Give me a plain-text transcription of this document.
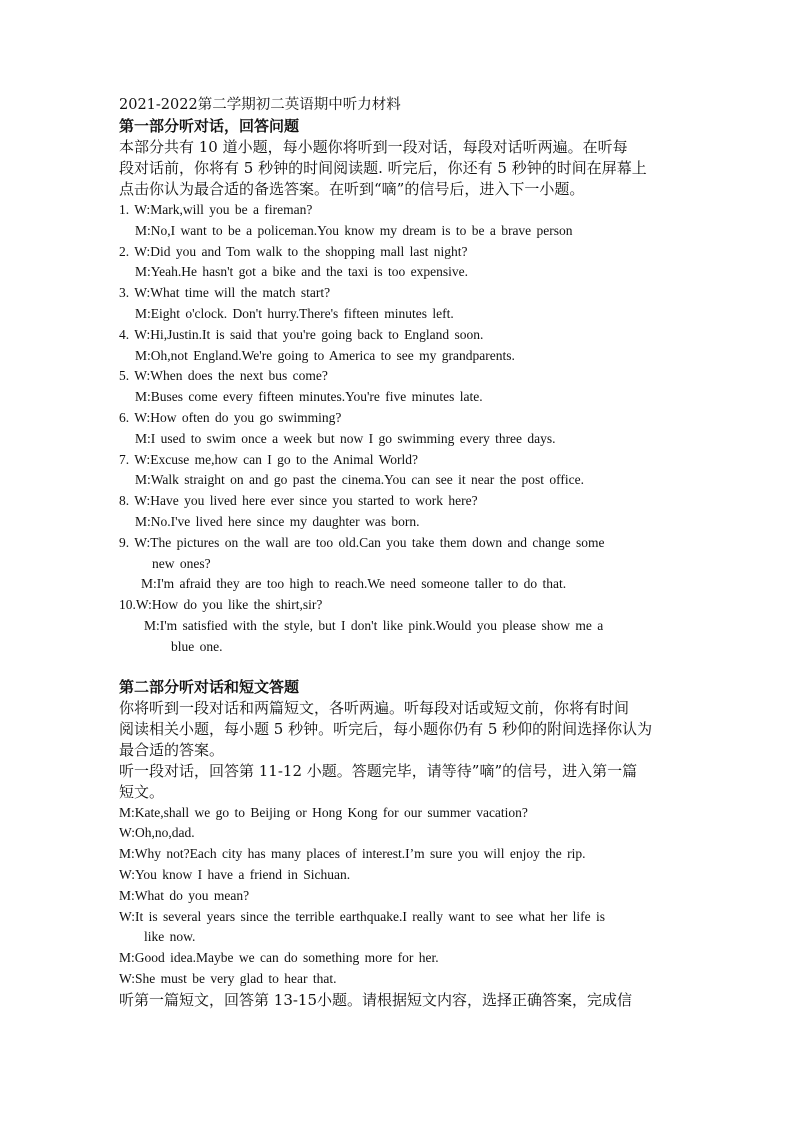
2021-2022第二学期初二英语期中听力材料
第一部分听对话，回答问题
本部分共有 10 道小题，每小题你将听到一段对话，每段对话听两遍。在听每
段对话前，你将有 5 秒钟的时间阅读题. 听完后，你还有 5 秒钟的时间在屏幕上
点击你认为最合适的备选答案。在听到“嘀”的信号后，进入下一小题。
1. W:Mark,will you be a fireman?
M:No,I want to be a policeman.You know my dream is to be a brave person
2. W:Did you and Tom walk to the shopping mall last night?
M:Yeah.He hasn't got a bike and the taxi is too expensive.
3. W:What time will the match start?
M:Eight o'clock. Don't hurry.There's fifteen minutes left.
4. W:Hi,Justin.It is said that you're going back to England soon.
M:Oh,not England.We're going to America to see my grandparents.
5. W:When does the next bus come?
M:Buses come every fifteen minutes.You're five minutes late.
6. W:How often do you go swimming?
M:I used to swim once a week but now I go swimming every three days.
7. W:Excuse me,how can I go to the Animal World?
M:Walk straight on and go past the cinema.You can see it near the post office.
8. W:Have you lived here ever since you started to work here?
M:No.I've lived here since my daughter was born.
9. W:The pictures on the wall are too old.Can you take them down and change some
new ones?
M:I'm afraid they are too high to reach.We need someone taller to do that.
10.W:How do you like the shirt,sir?
M:I'm satisfied with the style, but I don't like pink.Would you please show me a
blue one.
第二部分听对话和短文答题
你将听到一段对话和两篇短文，各听两遍。听每段对话或短文前，你将有时间
阅读相关小题，每小题 5 秒钟。听完后，每小题你仍有 5 秒仰的附间选择你认为
最合适的答案。
听一段对话，回答第 11-12 小题。答题完毕，请等待”嘀”的信号，进入第一篇
短文。
M:Kate,shall we go to Beijing or Hong Kong for our summer vacation?
W:Oh,no,dad.
M:Why not?Each city has many places of interest.I’m sure you will enjoy the rip.
W:You know I have a friend in Sichuan.
M:What do you mean?
W:It is several years since the terrible earthquake.I really want to see what her life is
like now.
M:Good idea.Maybe we can do something more for her.
W:She must be very glad to hear that.
听第一篇短文，回答第 13-15小题。请根据短文内容，选择正确答案，完成信
